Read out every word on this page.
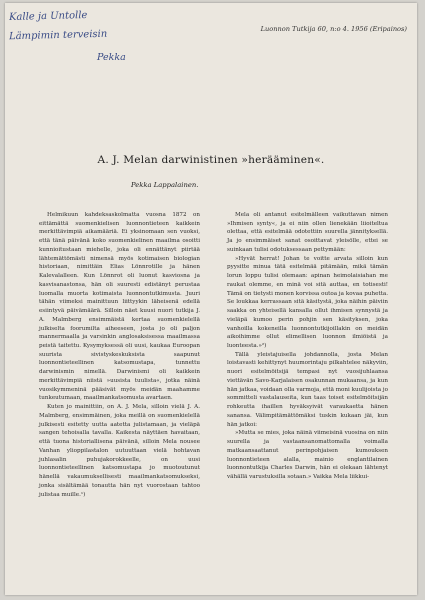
Kalle ja Untolle
Lämpimin terveisin
Pekka
Luonnon Tutkija 60, n:o 4. 1956 (Eripainos)
A. J. Melan darwinistinen »herääminen«.
Pekka Lappalainen.

Helmikuun kahdeksaskolmatta vuosna 1872 on eittämättä suomenkielisen luonnontieteen kaikkein merkittävimpiä aikamääriä. Ei yksinomaan sen vuoksi, että tänä päivänä koko suomenkielinen maailma osoitti kunnioitustaan miehelle, joka oli ennättänyt piirtää lähtemättömästi nimensä myös kotimaisen biologian historiaan, nimittäin Elias Lönnrotille ja hänen Kalevalalleen. Kun Lönnrot oli luonut kasviosna ja kasvisanastonsa, hän oli suuresti edistänyt perustaa luomalla muorta kotimaista luonnontutkimusta. Juuri tähän viimeksi mainittuun liittyykin läheisenä edellä esiintyvä päivämäärä. Silloin näet kuusi nuori tutkija J. A. Malmberg ensimmäistä kertaa suomenkielellä julkiselta foorumilta aiheeseen, josta jo oli paljon mannermaalla ja varsinkin anglosaksisessa maailmassa peistä taitettu. Kysymyksessä oli uusi, kaukaa Euroopan suurista sivistyskeskuksista saapunut luonnontieteellinen katsomustapa, tunnettu darwinismin nimellä. Darwinismi oli kaikkein merkittävimpiä niistä »uusista tuulista«, jotka näinä vuosikymmeninä pääsivät myös meidän maahamme tunkeutumaan, maailmankatsomusta avartaen.

Kuten jo mainittiin, on A. J. Mela, silloin vielä J. A. Malmberg, ensimmäinen, joka meillä on suomenkielellä julkisesti esitetty uutta aatetta julistamaan, ja vieläpä sangen tehoisalla tavalla. Kaikesta näyttäen havaitaan, että tuona historiallisena päivänä, silloin Mela nousee Vanhan ylioppilastalon uutuuttaan vielä hohtavan juhlasalin puhujakorokkeelle, on uusi luonnontieteellinen katsomustapa jo muotoutunut hänellä vakaumuksellisesti maailmankatsomukseksi, jonka sisältämää tonautta hän nyt vuorostaan tahtoo julistaa muille.¹)

Mela oli antanut esitelmälleen vaikuttavan nimen »Ihmisen synty«, ja ei niin ollen lienekään liioiteltua olettaa, että esitelmää odotettiin suurella jännityksellä. Ja jo ensimmäiset sanat osoittavat yleisölle, ettei se suinkaan tulisi odotuksessaan pettymään:

»Hyvät herrat! Johan te voitte arvata silloin kun pyysitte minua tätä esitelmää pitämään, mikä tämän lorun loppu tulisi olemaan: apinan heimolaisiahan me raukat olemme, en minä voi sitä auttaa, en totisesti! Tämä on tietysti monen korvissa outoa ja kovaa puhetta. Se loukkaa kerrassaan sitä käsitystä, joka näihin päiviin saakka on yhteisellä kansalla ollut ihmisen synnystä ja vieläpä kumoo perin pohjin sen käsityksen, joka vanhoilla kokeneilla luonnontutkijoillakin on meidän aikoihimme ollut elimellisen luonnon ilmiöistä ja luonteesta.»²)

Tällä yleistajuisella johdannolla, josta Melan loistavasti kehittynyt huumorintaju pilkahtelee näkyviin, nuori esitelmöitsijä tempasi nyt vuosijuhlaansa viettävän Savo-Karjalaisen osakunnan mukaansa, ja kun hän jatkaa, voidaan olla varmoja, että moni kuulijoista jo sommitteli vastalauseita, kun taas toiset esitelmöitsijän rohkeutta ihaillen hyväksyivät varaukaetta hänen sanansa. Välimpitämättömäksi tuskin kukaan jäi, kun hän jatkoi:

»Mutta se mies, joka näinä viimeisinä vuosina on niin suurella ja vastaansanomattomalla voimalla matkaansaattanut perinpohjaisen kumouksen luonnontieteen alalla, mainio englantilainen luonnontutkija Charles Darwin, hän ei olekaan lähtenyt vähällä varustuksilla sotaan.» Vaikka Mela liikkui-
